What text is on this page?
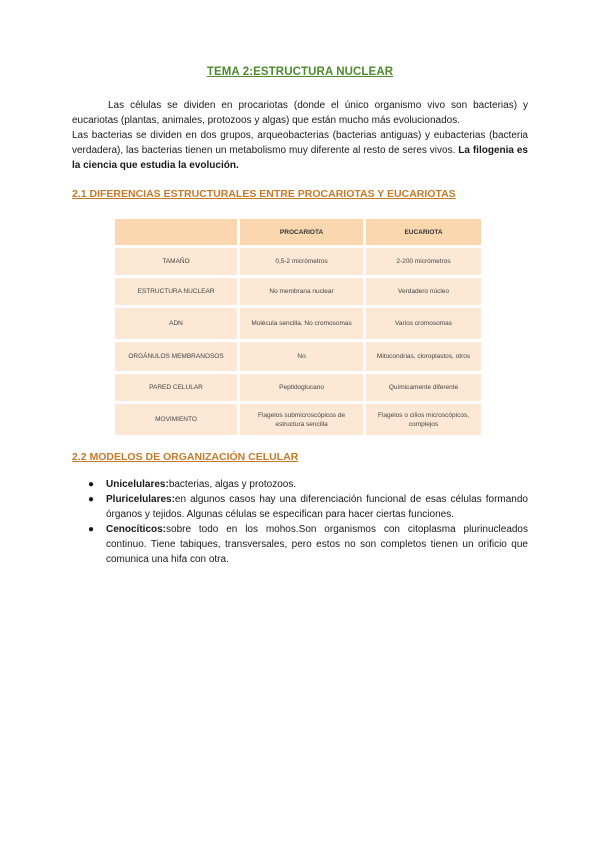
TEMA 2:ESTRUCTURA NUCLEAR

Las células se dividen en procariotas (donde el único organismo vivo son bacterias) y eucariotas (plantas, animales, protozoos y algas) que están mucho más evolucionados.

Las bacterias se dividen en dos grupos, arqueobacterias (bacterias antiguas) y eubacterias (bacteria verdadera), las bacterias tienen un metabolismo muy diferente al resto de seres vivos. La filogenia es la ciencia que estudia la evolución.

2.1 DIFERENCIAS ESTRUCTURALES ENTRE PROCARIOTAS Y EUCARIOTAS
	PROCARIOTA	EUCARIOTA
TAMAÑO	0,5-2 micrómetros	2-200 micrómetros
ESTRUCTURA NUCLEAR	No membrana nuclear	Verdadero núcleo
ADN	Molécula sencilla. No cromosomas	Varios cromosomas
ORGÁNULOS MEMBRANOSOS	No	Mitocondrias, cloroplastos, otros
PARED CELULAR	Peptidoglucano	Químicamente diferente
MOVIMIENTO	Flagelos submicroscópicos de estructura sencilla	Flagelos o cilios microscópicos, complejos
2.2 MODELOS DE ORGANIZACIÓN CELULAR
● Unicelulares:bacterias, algas y protozoos.
● Pluricelulares:en algunos casos hay una diferenciación funcional de esas células formando órganos y tejidos. Algunas células se especifican para hacer ciertas funciones.
● Cenocíticos:sobre todo en los mohos.Son organismos con citoplasma plurinucleados continuo. Tiene tabiques, transversales, pero estos no son completos tienen un orificio que comunica una hifa con otra.
